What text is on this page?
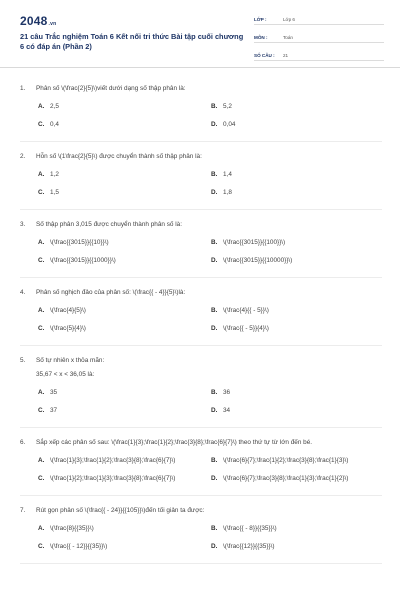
2048.vn
21 câu Trắc nghiệm Toán 6 Kết nối tri thức Bài tập cuối chương 6 có đáp án (Phần 2)
LỚP :	Lớp 6
MÔN :	Toán
SỐ CÂU :	21
1.	Phân số \(\frac{2}{5}\)viết dưới dạng số thập phân là:
A. 2,5	B. 5,2
C. 0,4	D. 0,04
2.	Hỗn số \(1\frac{2}{5}\) được chuyển thành số thập phân là:
A. 1,2	B. 1,4
C. 1,5	D. 1,8
3.	Số thập phân 3,015 được chuyển thành phân số là:
A. \(\frac{{3015}}{{10}}\)	B. \(\frac{{3015}}{{100}}\)
C. \(\frac{{3015}}{{1000}}\)	D. \(\frac{{3015}}{{10000}}\)
4.	Phân số nghịch đảo của phân số: \(\frac{{ - 4}}{5}\)là:
A. \(\frac{4}{5}\)	B. \(\frac{4}{{ - 5}}\)
C. \(\frac{5}{4}\)	D. \(\frac{{ - 5}}{4}\)
5.	Số tự nhiên x thỏa mãn:
35,67 < x < 36,05 là:
A. 35	B. 36
C. 37	D. 34
6.	Sắp xếp các phân số sau: \(\frac{1}{3};\frac{1}{2};\frac{3}{8};\frac{6}{7}\) theo thứ tự từ lớn đến bé.
A. \(\frac{1}{3};\frac{1}{2};\frac{3}{8};\frac{6}{7}\)	B. \(\frac{6}{7};\frac{1}{2};\frac{3}{8};\frac{1}{3}\)
C. \(\frac{1}{2};\frac{1}{3};\frac{3}{8};\frac{6}{7}\)	D. \(\frac{6}{7};\frac{3}{8};\frac{1}{3};\frac{1}{2}\)
7.	Rút gọn phân số \(\frac{{ - 24}}{{105}}\)đến tối giản ta được:
A. \(\frac{8}{{35}}\)	B. \(\frac{{ - 8}}{{35}}\)
C. \(\frac{{ - 12}}{{35}}\)	D. \(\frac{{12}}{{35}}\)
